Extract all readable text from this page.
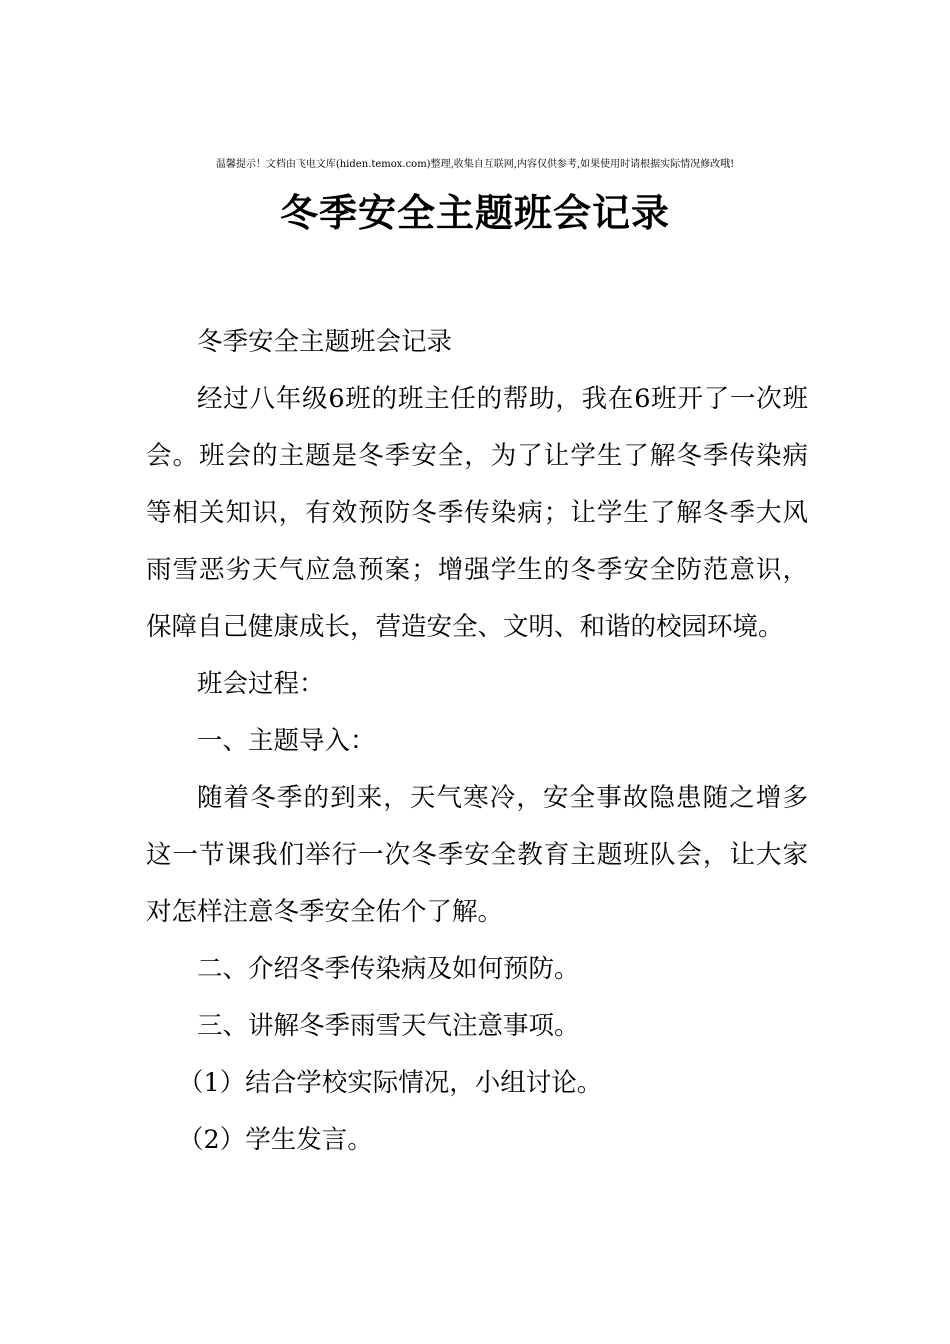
温馨提示！文档由飞电文库(hiden.temox.com)整理,收集自互联网,内容仅供参考,如果使用时请根据实际情况修改哦!
冬季安全主题班会记录

冬季安全主题班会记录

经过八年级6班的班主任的帮助，我在6班开了一次班会。班会的主题是冬季安全，为了让学生了解冬季传染病等相关知识，有效预防冬季传染病；让学生了解冬季大风雨雪恶劣天气应急预案；增强学生的冬季安全防范意识，保障自己健康成长，营造安全、文明、和谐的校园环境。

班会过程：

一、主题导入：

随着冬季的到来，天气寒冷，安全事故隐患随之增多这一节课我们举行一次冬季安全教育主题班队会，让大家对怎样注意冬季安全佑个了解。

二、介绍冬季传染病及如何预防。

三、讲解冬季雨雪天气注意事项。

（1）结合学校实际情况，小组讨论。

（2）学生发言。
